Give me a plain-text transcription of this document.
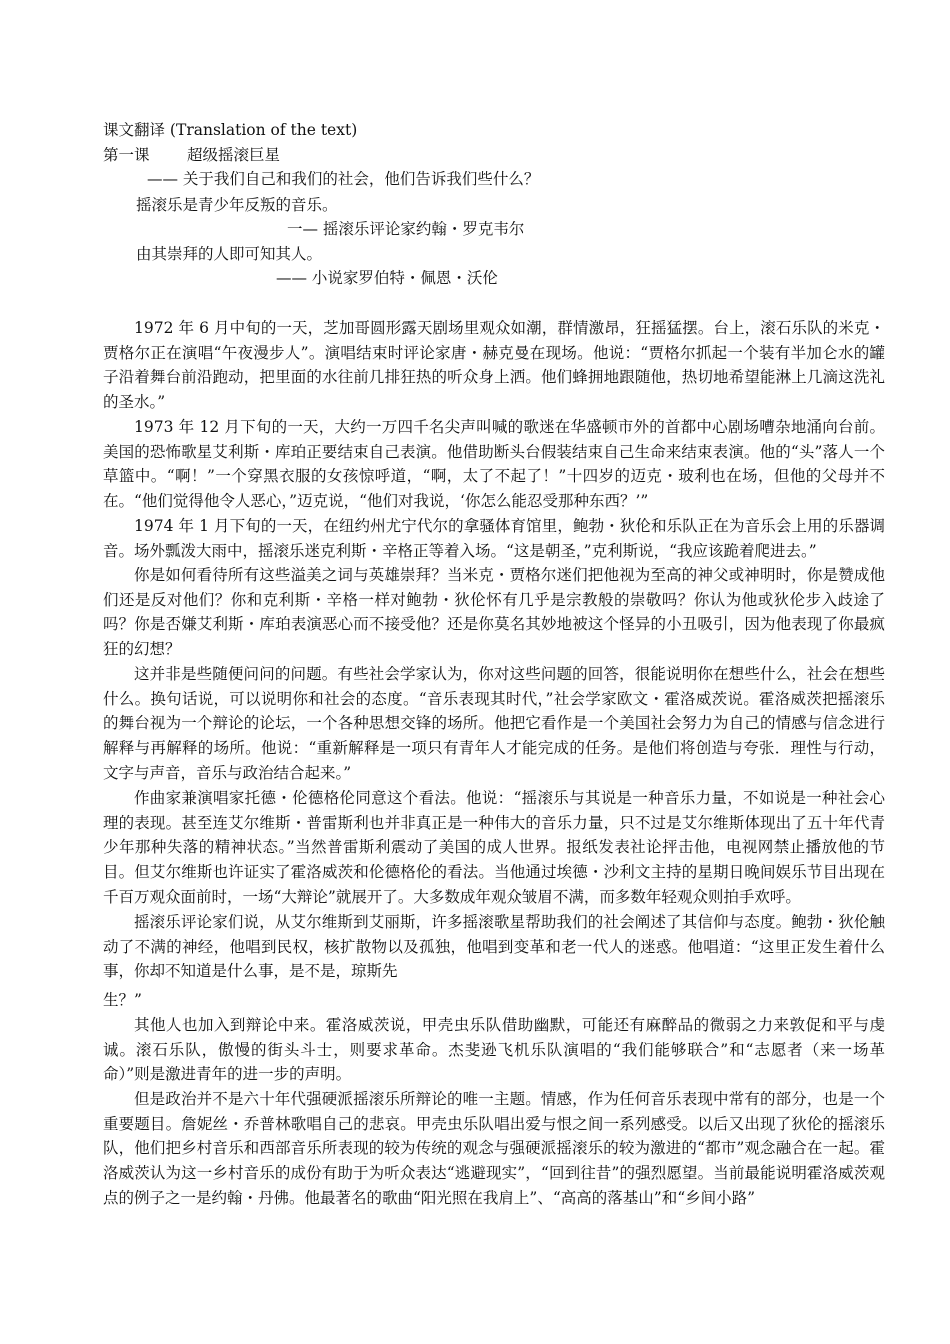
课文翻译 (Translation of the text)
第一课 超级摇滚巨星
—— 关于我们自己和我们的社会，他们告诉我们些什么？
摇滚乐是青少年反叛的音乐。
一— 摇滚乐评论家约翰・罗克韦尔
由其崇拜的人即可知其人。
—— 小说家罗伯特・佩恩・沃伦

1972 年 6 月中旬的一天，芝加哥圆形露天剧场里观众如潮，群情激昂，狂摇猛摆。台上，滚石乐队的米克・贾格尔正在演唱“午夜漫步人”。演唱结束时评论家唐・赫克曼在现场。他说：“贾格尔抓起一个装有半加仑水的罐子沿着舞台前沿跑动，把里面的水往前几排狂热的听众身上洒。他们蜂拥地跟随他，热切地希望能淋上几滴这洗礼的圣水。”

1973 年 12 月下旬的一天，大约一万四千名尖声叫喊的歌迷在华盛顿市外的首都中心剧场嘈杂地涌向台前。美国的恐怖歌星艾利斯・库珀正要结束自己表演。他借助断头台假装结束自己生命来结束表演。他的“头”落人一个草篮中。“啊！”一个穿黑衣服的女孩惊呼道，“啊，太了不起了！”十四岁的迈克・玻利也在场，但他的父母并不在。“他们觉得他令人恶心，”迈克说，“他们对我说，‘你怎么能忍受那种东西？’”

1974 年 1 月下旬的一天，在纽约州尤宁代尔的拿骚体育馆里，鲍勃・狄伦和乐队正在为音乐会上用的乐器调音。场外瓢泼大雨中，摇滚乐迷克利斯・辛格正等着入场。“这是朝圣，”克利斯说，“我应该跪着爬进去。”

你是如何看待所有这些溢美之词与英雄崇拜？当米克・贾格尔迷们把他视为至高的神父或神明时，你是赞成他们还是反对他们？你和克利斯・辛格一样对鲍勃・狄伦怀有几乎是宗教般的崇敬吗？你认为他或狄伦步入歧途了吗？你是否嫌艾利斯・库珀表演恶心而不接受他？还是你莫名其妙地被这个怪异的小丑吸引，因为他表现了你最疯狂的幻想？

这并非是些随便问问的问题。有些社会学家认为，你对这些问题的回答，很能说明你在想些什么，社会在想些什么。换句话说，可以说明你和社会的态度。“音乐表现其时代，”社会学家欧文・霍洛威茨说。霍洛威茨把摇滚乐的舞台视为一个辩论的论坛，一个各种思想交锋的场所。他把它看作是一个美国社会努力为自己的情感与信念进行解释与再解释的场所。他说：“重新解释是一项只有青年人才能完成的任务。是他们将创造与夸张．理性与行动，文字与声音，音乐与政治结合起来。”

作曲家兼演唱家托德・伦德格伦同意这个看法。他说：“摇滚乐与其说是一种音乐力量，不如说是一种社会心理的表现。甚至连艾尔维斯・普雷斯利也并非真正是一种伟大的音乐力量，只不过是艾尔维斯体现出了五十年代青少年那种失落的精神状态。”当然普雷斯利震动了美国的成人世界。报纸发表社论抨击他，电视网禁止播放他的节目。但艾尔维斯也许证实了霍洛威茨和伦德格伦的看法。当他通过埃德・沙利文主持的星期日晚间娱乐节目出现在千百万观众面前时，一场“大辩论”就展开了。大多数成年观众皱眉不满，而多数年轻观众则拍手欢呼。

摇滚乐评论家们说，从艾尔维斯到艾丽斯，许多摇滚歌星帮助我们的社会阐述了其信仰与态度。鲍勃・狄伦触动了不满的神经，他唱到民权，核扩散物以及孤独，他唱到变革和老一代人的迷惑。他唱道：“这里正发生着什么事，你却不知道是什么事，是不是，琼斯先

生？”

其他人也加入到辩论中来。霍洛威茨说，甲壳虫乐队借助幽默，可能还有麻醉品的微弱之力来敦促和平与虔诚。滚石乐队，傲慢的街头斗士，则要求革命。杰斐逊飞机乐队演唱的“我们能够联合”和“志愿者（来一场革命）”则是激进青年的进一步的声明。

但是政治并不是六十年代强硬派摇滚乐所辩论的唯一主题。情感，作为任何音乐表现中常有的部分，也是一个重要题目。詹妮丝・乔普林歌唱自己的悲哀。甲壳虫乐队唱出爱与恨之间一系列感受。以后又出现了狄伦的摇滚乐队，他们把乡村音乐和西部音乐所表现的较为传统的观念与强硬派摇滚乐的较为激进的“都市”观念融合在一起。霍洛威茨认为这一乡村音乐的成份有助于为听众表达“逃避现实”，“回到往昔”的强烈愿望。当前最能说明霍洛威茨观点的例子之一是约翰・丹佛。他最著名的歌曲“阳光照在我肩上”、“高高的落基山”和“乡间小路”
